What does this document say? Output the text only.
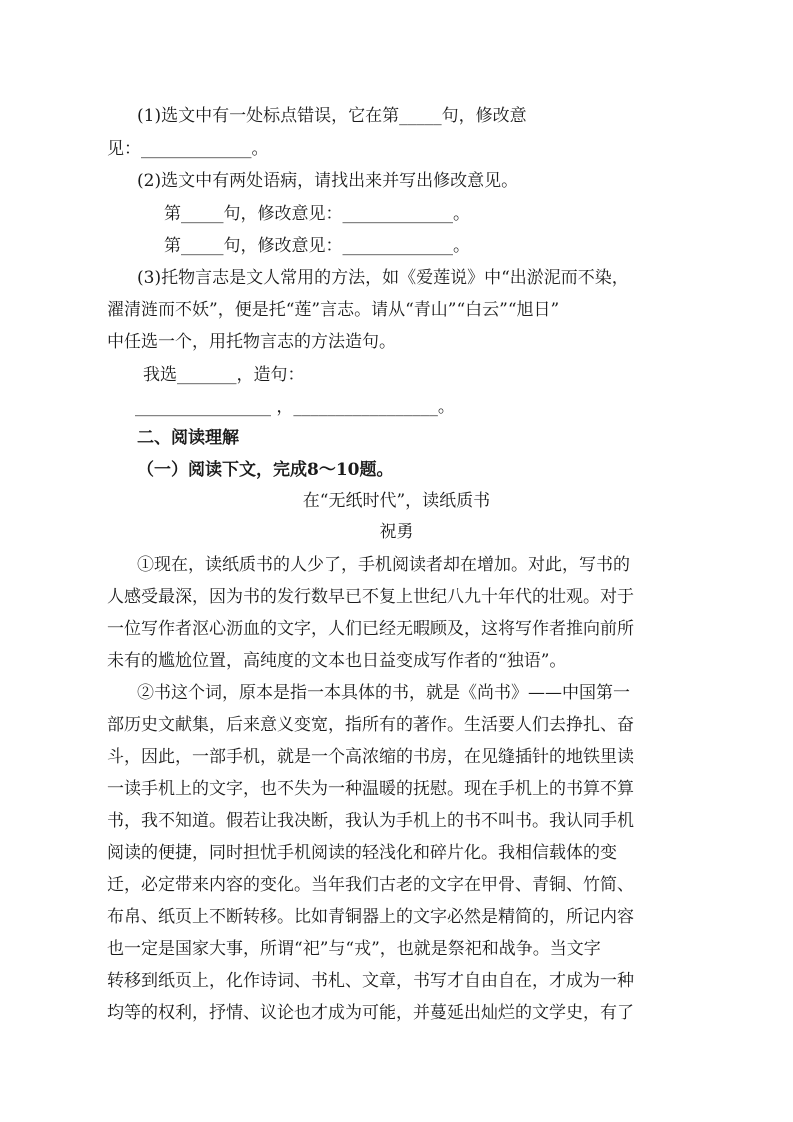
(1)选文中有一处标点错误，它在第_____句，修改意
见：_____________。
(2)选文中有两处语病，请找出来并写出修改意见。
第_____句，修改意见：_____________。
第_____句，修改意见：_____________。
(3)托物言志是文人常用的方法，如《爱莲说》中“出淤泥而不染，
濯清涟而不妖”，便是托“莲”言志。请从“青山”“白云”“旭日”
中任选一个，用托物言志的方法造句。
我选_______，造句：
________________ ，_________________。
二、阅读理解
（一）阅读下文，完成8～10题。
在“无纸时代”，读纸质书
祝勇
①现在，读纸质书的人少了，手机阅读者却在增加。对此，写书的
人感受最深，因为书的发行数早已不复上世纪八九十年代的壮观。对于
一位写作者沤心沥血的文字，人们已经无暇顾及，这将写作者推向前所
未有的尴尬位置，高纯度的文本也日益变成写作者的“独语”。
②书这个词，原本是指一本具体的书，就是《尚书》——中国第一
部历史文献集，后来意义变宽，指所有的著作。生活要人们去挣扎、奋
斗，因此，一部手机，就是一个高浓缩的书房，在见缝插针的地铁里读
一读手机上的文字，也不失为一种温暖的抚慰。现在手机上的书算不算
书，我不知道。假若让我决断，我认为手机上的书不叫书。我认同手机
阅读的便捷，同时担忧手机阅读的轻浅化和碎片化。我相信载体的变
迁，必定带来内容的变化。当年我们古老的文字在甲骨、青铜、竹简、
布帛、纸页上不断转移。比如青铜器上的文字必然是精简的，所记内容
也一定是国家大事，所谓“祀”与“戎”，也就是祭祀和战争。当文字
转移到纸页上，化作诗词、书札、文章，书写才自由自在，才成为一种
均等的权利，抒情、议论也才成为可能，并蔓延出灿烂的文学史，有了
